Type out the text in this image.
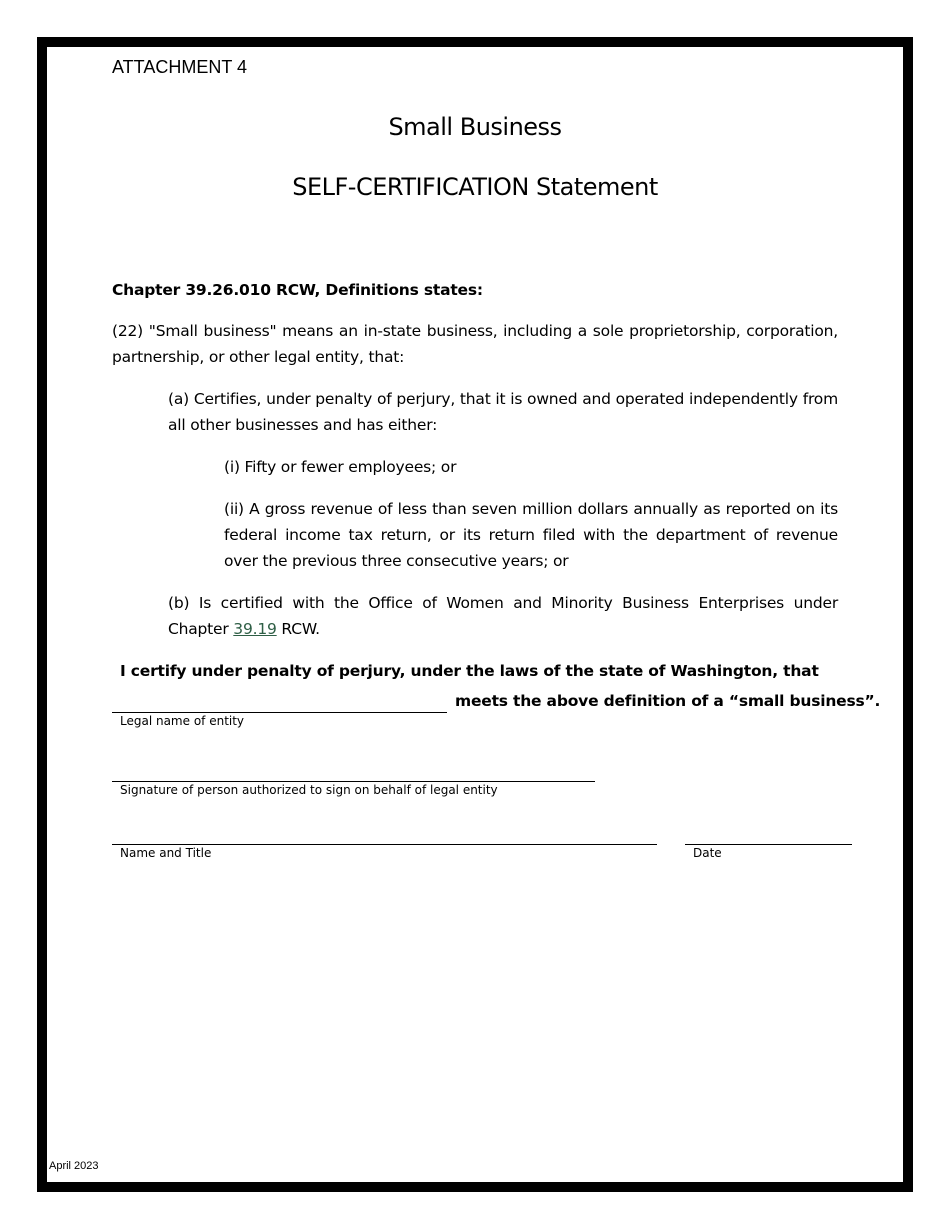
ATTACHMENT 4
Small Business
SELF-CERTIFICATION Statement
Chapter 39.26.010 RCW, Definitions states:
(22) "Small business" means an in-state business, including a sole proprietorship, corporation, partnership, or other legal entity, that:
(a) Certifies, under penalty of perjury, that it is owned and operated independently from all other businesses and has either:
(i) Fifty or fewer employees; or
(ii) A gross revenue of less than seven million dollars annually as reported on its federal income tax return, or its return filed with the department of revenue over the previous three consecutive years; or
(b) Is certified with the Office of Women and Minority Business Enterprises under Chapter 39.19 RCW.
I certify under penalty of perjury, under the laws of the state of Washington, that
meets the above definition of a “small business”.
Legal name of entity
Signature of person authorized to sign on behalf of legal entity
Name and Title	Date
April 2023
